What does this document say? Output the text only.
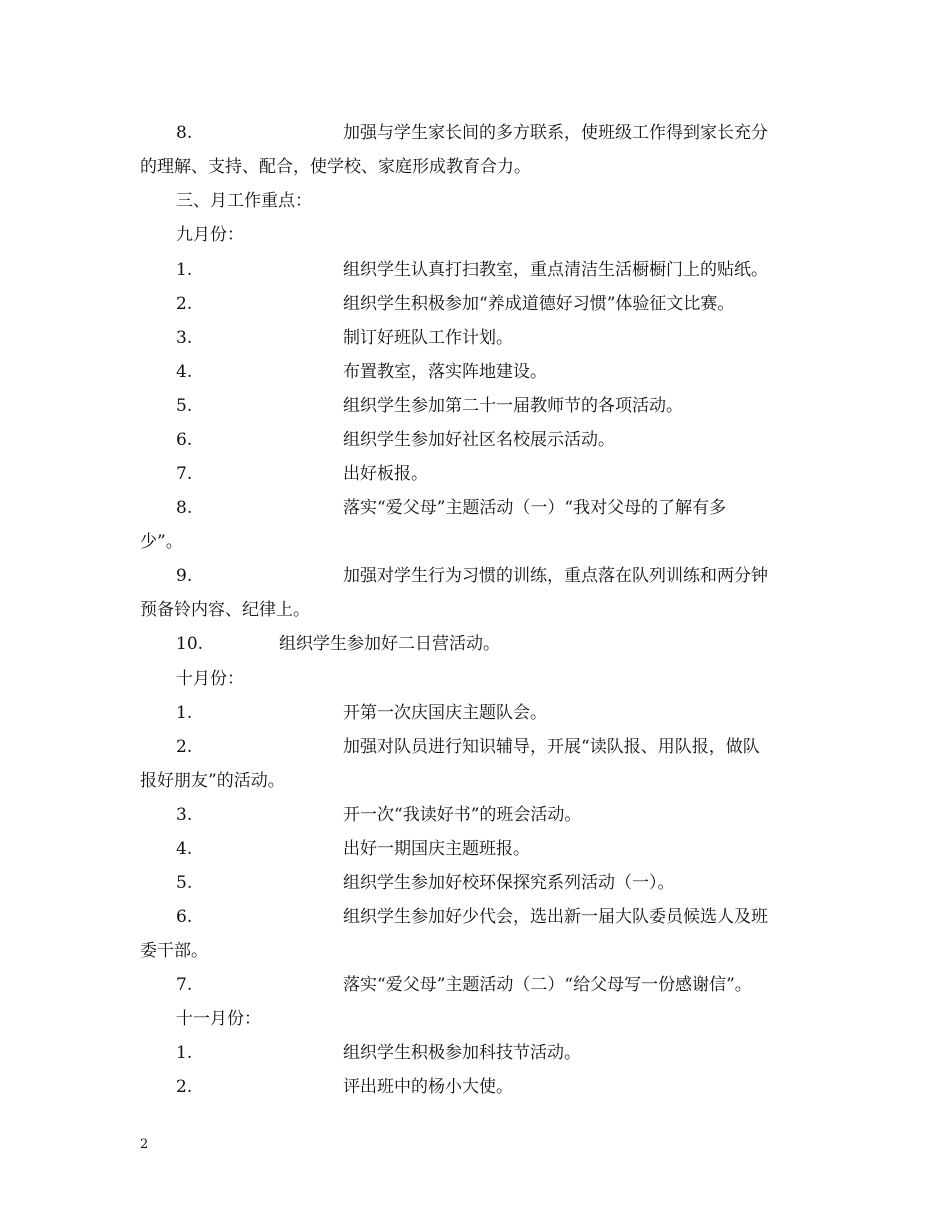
8.	加强与学生家长间的多方联系，使班级工作得到家长充分
的理解、支持、配合，使学校、家庭形成教育合力。
三、月工作重点：
九月份：
1.	组织学生认真打扫教室，重点清洁生活橱橱门上的贴纸。
2.	组织学生积极参加“养成道德好习惯”体验征文比赛。
3.	制订好班队工作计划。
4.	布置教室，落实阵地建设。
5.	组织学生参加第二十一届教师节的各项活动。
6.	组织学生参加好社区名校展示活动。
7.	出好板报。
8.	落实“爱父母”主题活动（一）“我对父母的了解有多
少”。
9.	加强对学生行为习惯的训练，重点落在队列训练和两分钟
预备铃内容、纪律上。
10.	组织学生参加好二日营活动。
十月份：
1.	开第一次庆国庆主题队会。
2.	加强对队员进行知识辅导，开展“读队报、用队报，做队
报好朋友”的活动。
3.	开一次“我读好书”的班会活动。
4.	出好一期国庆主题班报。
5.	组织学生参加好校环保探究系列活动（一）。
6.	组织学生参加好少代会，选出新一届大队委员候选人及班
委干部。
7.	落实“爱父母”主题活动（二）“给父母写一份感谢信”。
十一月份：
1.	组织学生积极参加科技节活动。
2.	评出班中的杨小大使。
2
